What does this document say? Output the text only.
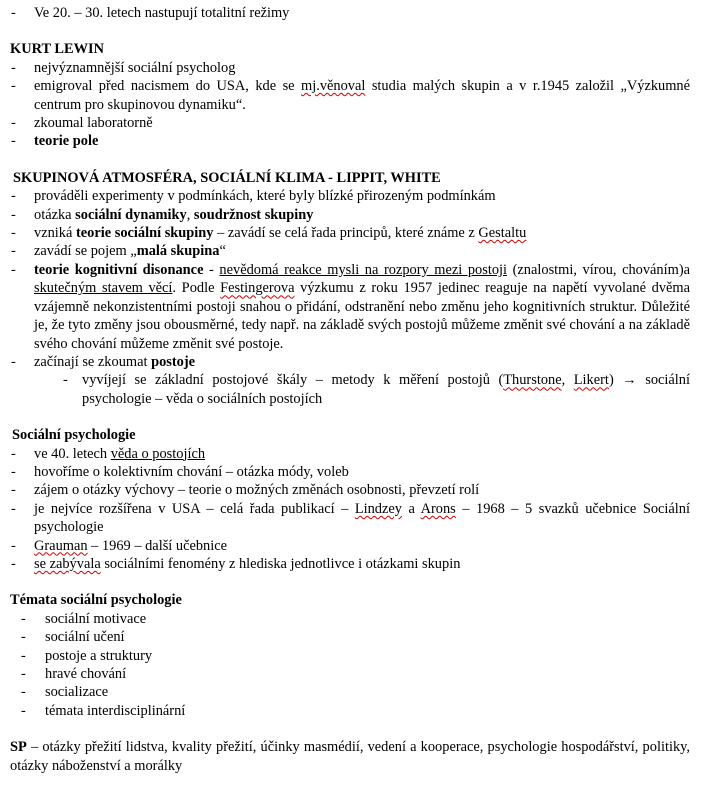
- Ve 20. – 30. letech nastupují totalitní režimy

KURT LEWIN

- nejvýznamnější sociální psycholog
- emigroval před nacismem do USA, kde se mj.věnoval studia malých skupin a v r.1945 založil „Výzkumné centrum pro skupinovou dynamiku“.
- zkoumal laboratorně
- teorie pole

SKUPINOVÁ ATMOSFÉRA, SOCIÁLNÍ KLIMA - LIPPIT, WHITE

- prováděli experimenty v podmínkách, které byly blízké přirozeným podmínkám
- otázka sociální dynamiky, soudržnost skupiny
- vzniká teorie sociální skupiny – zavádí se celá řada principů, které známe z Gestaltu
- zavádí se pojem „malá skupina“
- teorie kognitivní disonance - nevědomá reakce mysli na rozpory mezi postoji (znalostmi, vírou, chováním)a skutečným stavem věcí. Podle Festingerova výzkumu z roku 1957 jedinec reaguje na napětí vyvolané dvěma vzájemně nekonzistentními postoji snahou o přidání, odstranění nebo změnu jeho kognitivních struktur. Důležité je, že tyto změny jsou obousměrné, tedy např. na základě svých postojů můžeme změnit své chování a na základě svého chování můžeme změnit své postoje.
- začínají se zkoumat postoje
- vyvíjejí se základní postojové škály – metody k měření postojů (Thurstone, Likert) → sociální psychologie – věda o sociálních postojích

Sociální psychologie

- ve 40. letech věda o postojích
- hovoříme o kolektivním chování – otázka módy, voleb
- zájem o otázky výchovy – teorie o možných změnách osobnosti, převzetí rolí
- je nejvíce rozšířena v USA – celá řada publikací – Lindzey a Arons – 1968 – 5 svazků učebnice Sociální psychologie
- Grauman – 1969 – další učebnice
- se zabývala sociálními fenomény z hlediska jednotlivce i otázkami skupin

Témata sociální psychologie

- sociální motivace
- sociální učení
- postoje a struktury
- hravé chování
- socializace
- témata interdisciplinární

SP – otázky přežití lidstva, kvality přežití, účinky masmédií, vedení a kooperace, psychologie hospodářství, politiky, otázky náboženství a morálky
